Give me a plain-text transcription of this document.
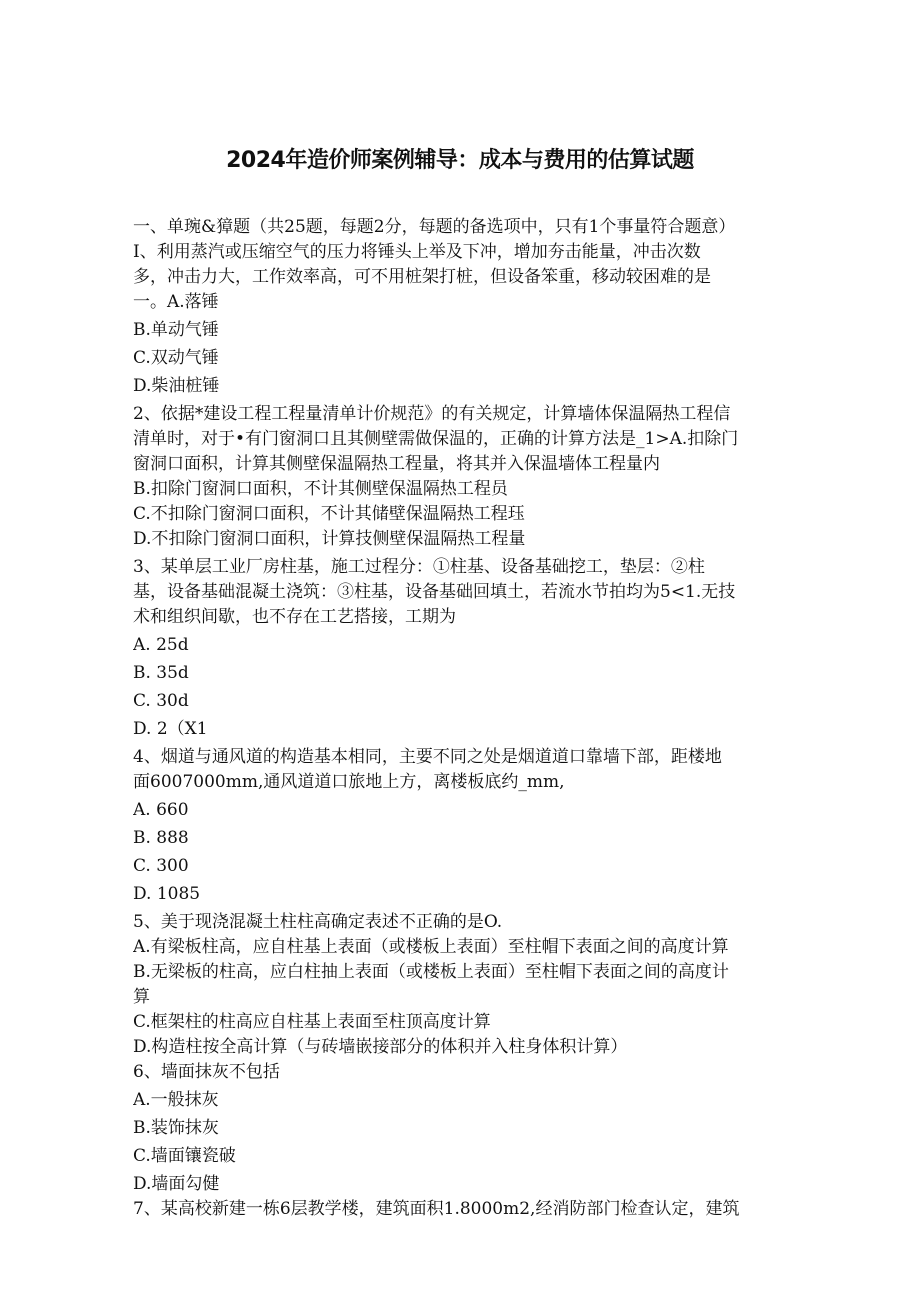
2024年造价师案例辅导：成本与费用的估算试题
一、单琬&獐题（共25题，每题2分，每题的备选项中，只有1个事量符合题意）
I、利用蒸汽或压缩空气的压力将锤头上举及下冲，增加夯击能量，冲击次数
多，冲击力大，工作效率高，可不用桩架打桩，但设备笨重，移动较困难的是
一。A.落锤
B.单动气锤
C.双动气锤
D.柴油桩锤
2、依据*建设工程工程量清单计价规范》的有关规定，计算墙体保温隔热工程信
清单时，对于•有门窗洞口且其侧壁需做保温的，正确的计算方法是_1>A.扣除门
窗洞口面积，计算其侧壁保温隔热工程量，将其并入保温墙体工程量内
B.扣除门窗洞口面积，不计其侧壁保温隔热工程员
C.不扣除门窗洞口面积，不计其储壁保温隔热工程珏
D.不扣除门窗洞口面积，计算技侧壁保温隔热工程量
3、某单层工业厂房柱基，施工过程分：①柱基、设备基础挖工，垫层：②柱
基，设备基础混凝土浇筑：③柱基，设备基础回填土，若流水节拍均为5<1.无技
术和组织间歇，也不存在工艺搭接，工期为
A. 25d
B. 35d
C. 30d
D. 2（X1
4、烟道与通风道的构造基本相同，主要不同之处是烟道道口靠墙下部，距楼地
面6007000mm,通风道道口旅地上方，离楼板底约_mm,
A. 660
B. 888
C. 300
D. 1085
5、美于现浇混凝土柱柱高确定表述不正确的是O.
A.有梁板柱高，应自柱基上表面（或楼板上表面）至柱帽下表面之间的高度计算
B.无梁板的柱高，应白柱抽上表面（或楼板上表面）至柱帽下表面之间的高度计
算
C.框架柱的柱高应自柱基上表面至柱顶高度计算
D.构造柱按全高计算（与砖墙嵌接部分的体积并入柱身体积计算）
6、墙面抹灰不包括
A.一般抹灰
B.装饰抹灰
C.墙面镶瓷破
D.墙面勾健
7、某高校新建一栋6层教学楼，建筑面积1.8000m2,经消防部门检查认定，建筑
